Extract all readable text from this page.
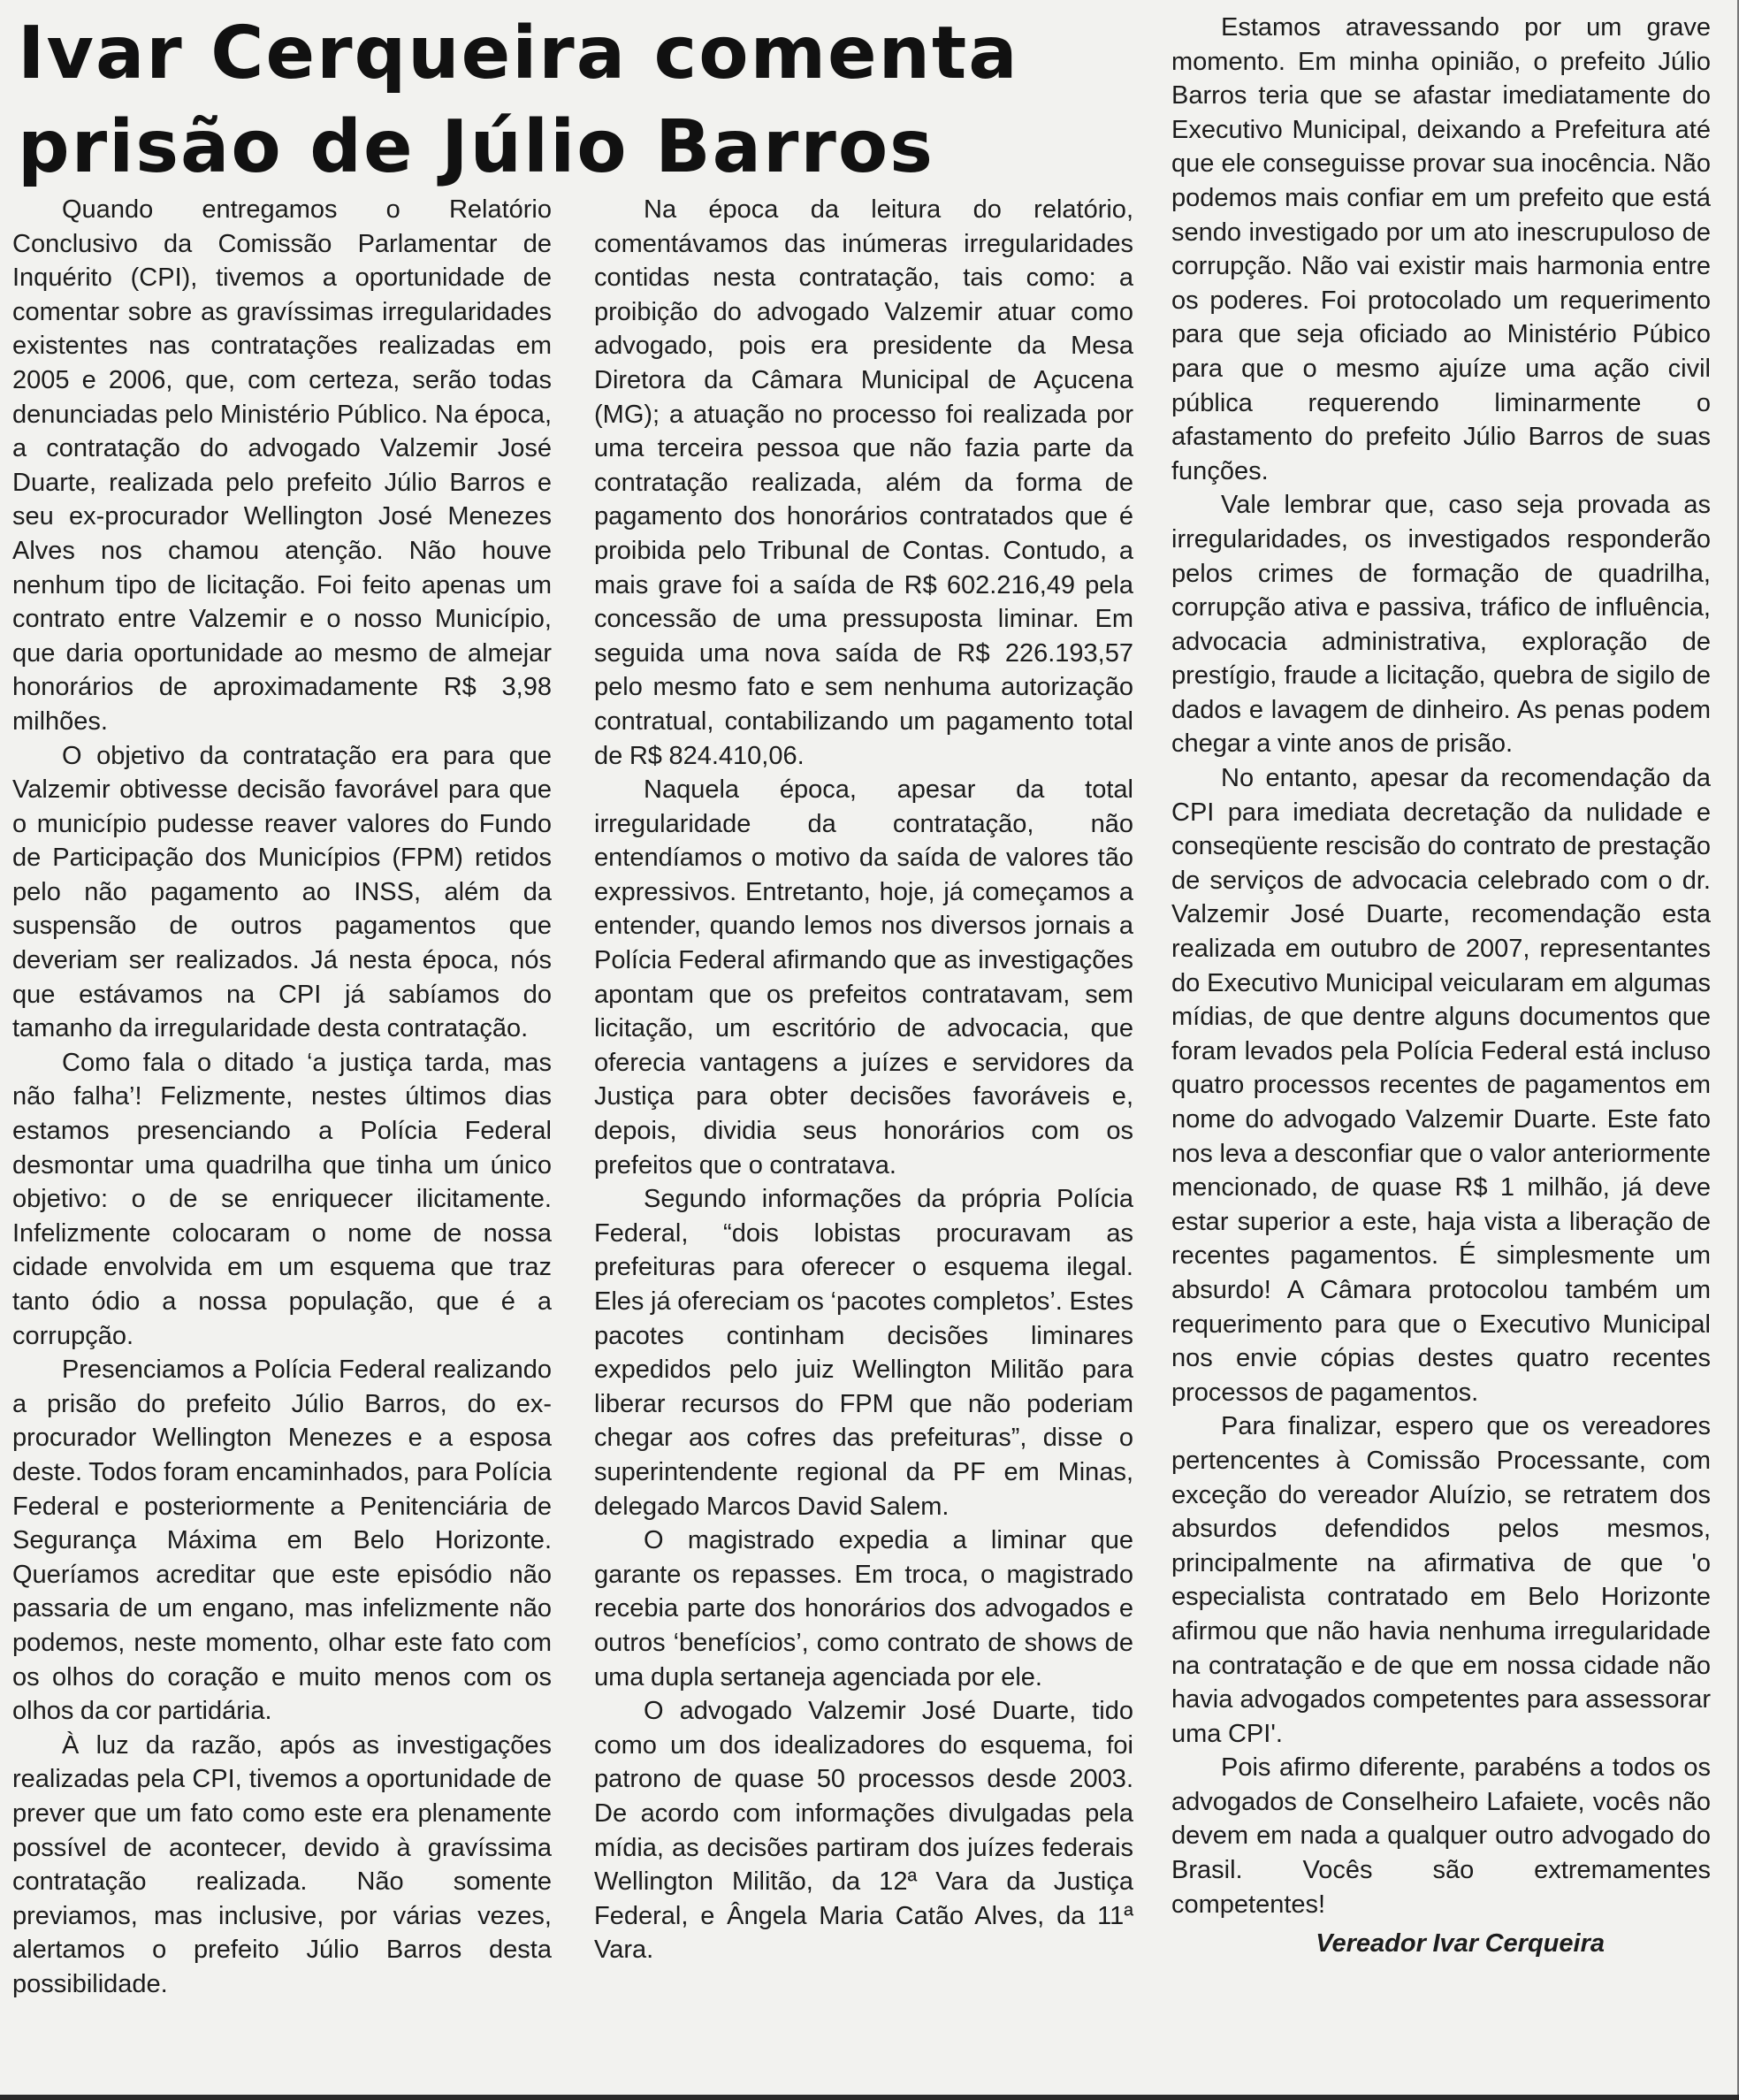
Ivar Cerqueira comenta prisão de Júlio Barros

Quando entregamos o Relatório Conclusivo da Comissão Parlamentar de Inquérito (CPI), tivemos a oportunidade de comentar sobre as gravíssimas irregularidades existentes nas contratações realizadas em 2005 e 2006, que, com certeza, serão todas denunciadas pelo Ministério Público. Na época, a contratação do advogado Valzemir José Duarte, realizada pelo prefeito Júlio Barros e seu ex-procurador Wellington José Menezes Alves nos chamou atenção. Não houve nenhum tipo de licitação. Foi feito apenas um contrato entre Valzemir e o nosso Município, que daria oportunidade ao mesmo de almejar honorários de aproximadamente R$ 3,98 milhões.

O objetivo da contratação era para que Valzemir obtivesse decisão favorável para que o município pudesse reaver valores do Fundo de Participação dos Municípios (FPM) retidos pelo não pagamento ao INSS, além da suspensão de outros pagamentos que deveriam ser realizados. Já nesta época, nós que estávamos na CPI já sabíamos do tamanho da irregularidade desta contratação.

Como fala o ditado ‘a justiça tarda, mas não falha’! Felizmente, nestes últimos dias estamos presenciando a Polícia Federal desmontar uma quadrilha que tinha um único objetivo: o de se enriquecer ilicitamente. Infelizmente colocaram o nome de nossa cidade envolvida em um esquema que traz tanto ódio a nossa população, que é a corrupção.

Presenciamos a Polícia Federal realizando a prisão do prefeito Júlio Barros, do ex-procurador Wellington Menezes e a esposa deste. Todos foram encaminhados, para Polícia Federal e posteriormente a Penitenciária de Segurança Máxima em Belo Horizonte. Queríamos acreditar que este episódio não passaria de um engano, mas infelizmente não podemos, neste momento, olhar este fato com os olhos do coração e muito menos com os olhos da cor partidária.

À luz da razão, após as investigações realizadas pela CPI, tivemos a oportunidade de prever que um fato como este era plenamente possível de acontecer, devido à gravíssima contratação realizada. Não somente previamos, mas inclusive, por várias vezes, alertamos o prefeito Júlio Barros desta possibilidade.

Na época da leitura do relatório, comentávamos das inúmeras irregularidades contidas nesta contratação, tais como: a proibição do advogado Valzemir atuar como advogado, pois era presidente da Mesa Diretora da Câmara Municipal de Açucena (MG); a atuação no processo foi realizada por uma terceira pessoa que não fazia parte da contratação realizada, além da forma de pagamento dos honorários contratados que é proibida pelo Tribunal de Contas. Contudo, a mais grave foi a saída de R$ 602.216,49 pela concessão de uma pressuposta liminar. Em seguida uma nova saída de R$ 226.193,57 pelo mesmo fato e sem nenhuma autorização contratual, contabilizando um pagamento total de R$ 824.410,06.

Naquela época, apesar da total irregularidade da contratação, não entendíamos o motivo da saída de valores tão expressivos. Entretanto, hoje, já começamos a entender, quando lemos nos diversos jornais a Polícia Federal afirmando que as investigações apontam que os prefeitos contratavam, sem licitação, um escritório de advocacia, que oferecia vantagens a juízes e servidores da Justiça para obter decisões favoráveis e, depois, dividia seus honorários com os prefeitos que o contratava.

Segundo informações da própria Polícia Federal, “dois lobistas procuravam as prefeituras para oferecer o esquema ilegal. Eles já ofereciam os ‘pacotes completos’. Estes pacotes continham decisões liminares expedidos pelo juiz Wellington Militão para liberar recursos do FPM que não poderiam chegar aos cofres das prefeituras”, disse o superintendente regional da PF em Minas, delegado Marcos David Salem.

O magistrado expedia a liminar que garante os repasses. Em troca, o magistrado recebia parte dos honorários dos advogados e outros ‘benefícios’, como contrato de shows de uma dupla sertaneja agenciada por ele.

O advogado Valzemir José Duarte, tido como um dos idealizadores do esquema, foi patrono de quase 50 processos desde 2003. De acordo com informações divulgadas pela mídia, as decisões partiram dos juízes federais Wellington Militão, da 12ª Vara da Justiça Federal, e Ângela Maria Catão Alves, da 11ª Vara.

Estamos atravessando por um grave momento. Em minha opinião, o prefeito Júlio Barros teria que se afastar imediatamente do Executivo Municipal, deixando a Prefeitura até que ele conseguisse provar sua inocência. Não podemos mais confiar em um prefeito que está sendo investigado por um ato inescrupuloso de corrupção. Não vai existir mais harmonia entre os poderes. Foi protocolado um requerimento para que seja oficiado ao Ministério Púbico para que o mesmo ajuíze uma ação civil pública requerendo liminarmente o afastamento do prefeito Júlio Barros de suas funções.

Vale lembrar que, caso seja provada as irregularidades, os investigados responderão pelos crimes de formação de quadrilha, corrupção ativa e passiva, tráfico de influência, advocacia administrativa, exploração de prestígio, fraude a licitação, quebra de sigilo de dados e lavagem de dinheiro. As penas podem chegar a vinte anos de prisão.

No entanto, apesar da recomendação da CPI para imediata decretação da nulidade e conseqüente rescisão do contrato de prestação de serviços de advocacia celebrado com o dr. Valzemir José Duarte, recomendação esta realizada em outubro de 2007, representantes do Executivo Municipal veicularam em algumas mídias, de que dentre alguns documentos que foram levados pela Polícia Federal está incluso quatro processos recentes de pagamentos em nome do advogado Valzemir Duarte. Este fato nos leva a desconfiar que o valor anteriormente mencionado, de quase R$ 1 milhão, já deve estar superior a este, haja vista a liberação de recentes pagamentos. É simplesmente um absurdo! A Câmara protocolou também um requerimento para que o Executivo Municipal nos envie cópias destes quatro recentes processos de pagamentos.

Para finalizar, espero que os vereadores pertencentes à Comissão Processante, com exceção do vereador Aluízio, se retratem dos absurdos defendidos pelos mesmos, principalmente na afirmativa de que 'o especialista contratado em Belo Horizonte afirmou que não havia nenhuma irregularidade na contratação e de que em nossa cidade não havia advogados competentes para assessorar uma CPI'.

Pois afirmo diferente, parabéns a todos os advogados de Conselheiro Lafaiete, vocês não devem em nada a qualquer outro advogado do Brasil. Vocês são extremamentes competentes!

Vereador Ivar Cerqueira
